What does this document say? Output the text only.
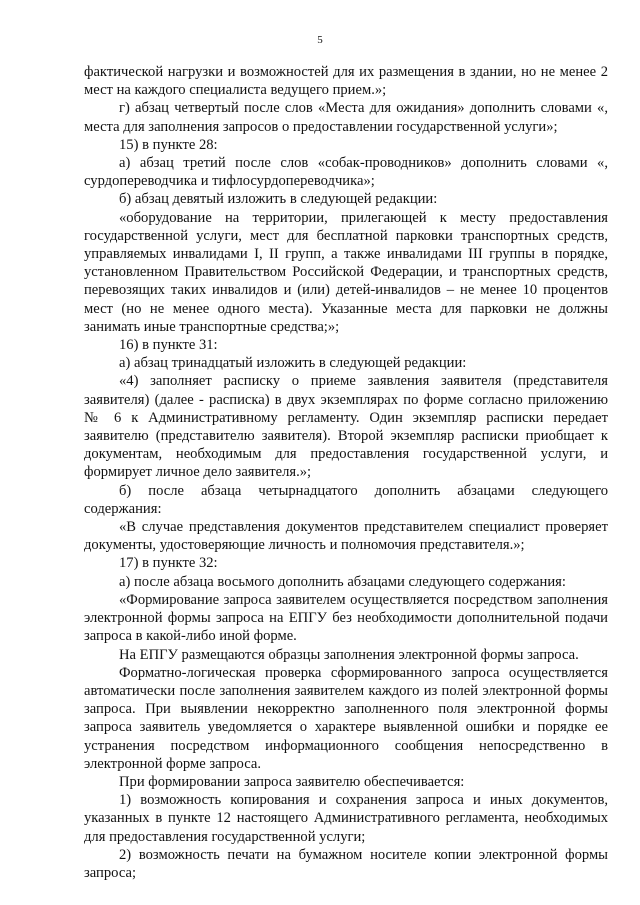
5

фактической нагрузки и возможностей для их размещения в здании, но не менее 2 мест на каждого специалиста ведущего прием.»;

г) абзац четвертый после слов «Места для ожидания» дополнить словами «, места для заполнения запросов о предоставлении государственной услуги»;

15) в пункте 28:

а) абзац третий после слов «собак-проводников» дополнить словами «, сурдопереводчика и тифлосурдопереводчика»;

б) абзац девятый изложить в следующей редакции:

«оборудование на территории, прилегающей к месту предоставления государственной услуги, мест для бесплатной парковки транспортных средств, управляемых инвалидами I, II групп, а также инвалидами III группы в порядке, установленном Правительством Российской Федерации, и транспортных средств, перевозящих таких инвалидов и (или) детей-инвалидов – не менее 10 процентов мест (но не менее одного места). Указанные места для парковки не должны занимать иные транспортные средства;»;

16) в пункте 31:

а) абзац тринадцатый изложить в следующей редакции:

«4) заполняет расписку о приеме заявления заявителя (представителя заявителя) (далее - расписка) в двух экземплярах по форме согласно приложению № 6 к Административному регламенту. Один экземпляр расписки передает заявителю (представителю заявителя). Второй экземпляр расписки приобщает к документам, необходимым для предоставления государственной услуги, и формирует личное дело заявителя.»;

б) после абзаца четырнадцатого дополнить абзацами следующего содержания:

«В случае представления документов представителем специалист проверяет документы, удостоверяющие личность и полномочия представителя.»;

17) в пункте 32:

а) после абзаца восьмого дополнить абзацами следующего содержания:

«Формирование запроса заявителем осуществляется посредством заполнения электронной формы запроса на ЕПГУ без необходимости дополнительной подачи запроса в какой-либо иной форме.

На ЕПГУ размещаются образцы заполнения электронной формы запроса.

Форматно-логическая проверка сформированного запроса осуществляется автоматически после заполнения заявителем каждого из полей электронной формы запроса. При выявлении некорректно заполненного поля электронной формы запроса заявитель уведомляется о характере выявленной ошибки и порядке ее устранения посредством информационного сообщения непосредственно в электронной форме запроса.

При формировании запроса заявителю обеспечивается:

1) возможность копирования и сохранения запроса и иных документов, указанных в пункте 12 настоящего Административного регламента, необходимых для предоставления государственной услуги;

2) возможность печати на бумажном носителе копии электронной формы запроса;
